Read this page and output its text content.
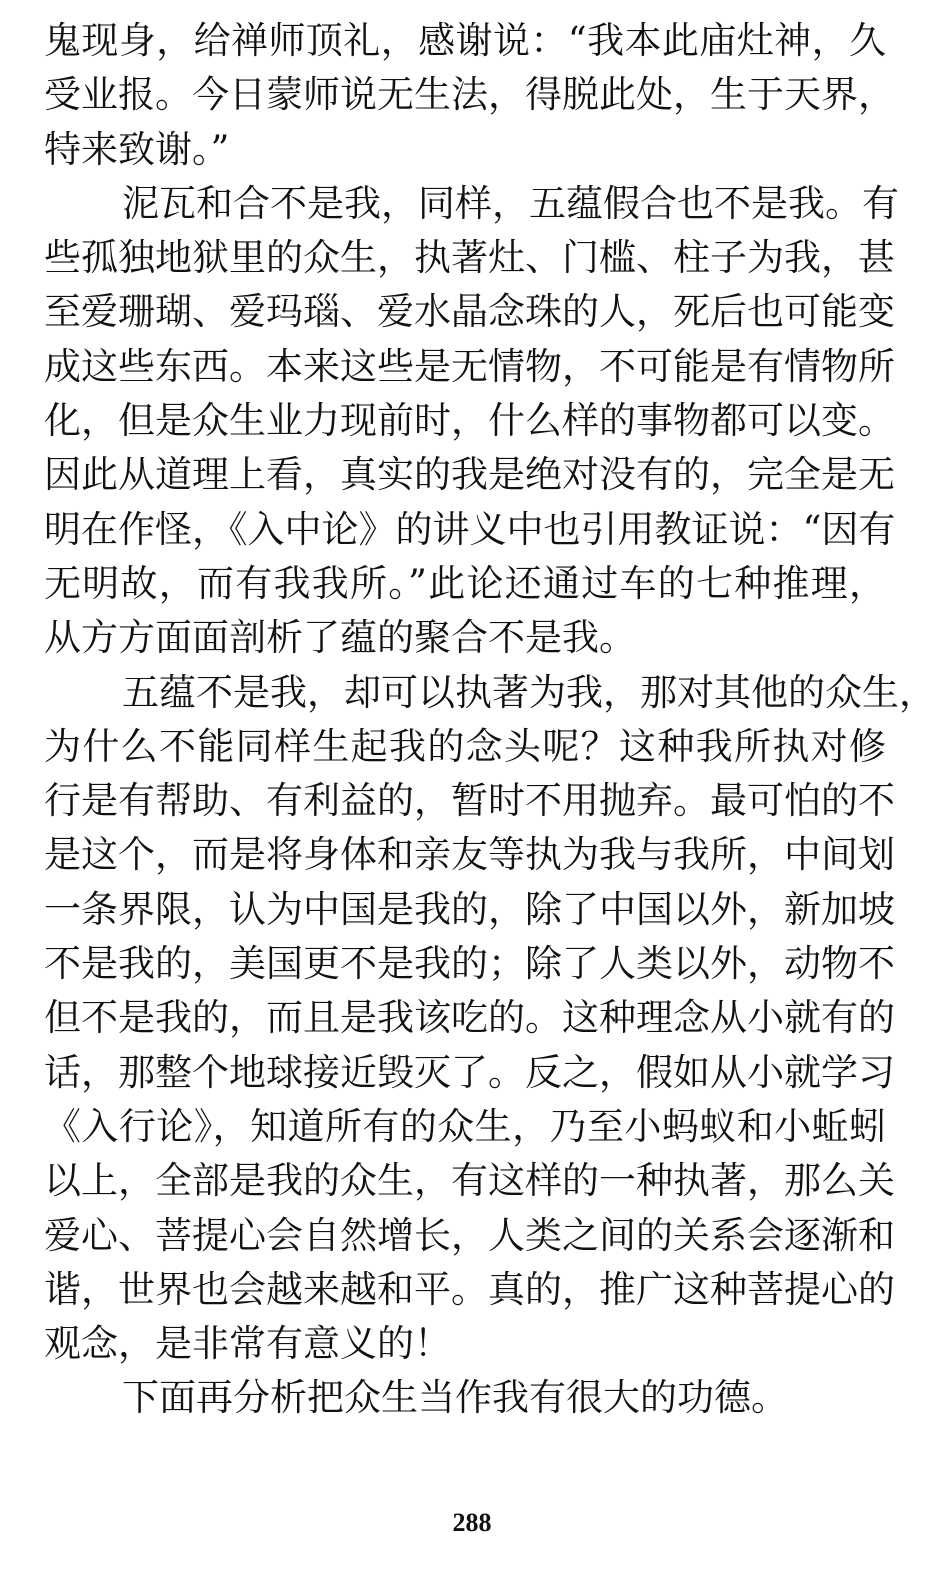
鬼现身，给禅师顶礼，感谢说：“我本此庙灶神，久
受业报。今日蒙师说无生法，得脱此处，生于天界，
特来致谢。”
泥瓦和合不是我，同样，五蕴假合也不是我。有
些孤独地狱里的众生，执著灶、门槛、柱子为我，甚
至爱珊瑚、爱玛瑙、爱水晶念珠的人，死后也可能变
成这些东西。本来这些是无情物，不可能是有情物所
化，但是众生业力现前时，什么样的事物都可以变。
因此从道理上看，真实的我是绝对没有的，完全是无
明在作怪，《入中论》的讲义中也引用教证说：“因有
无明故，而有我我所。”此论还通过车的七种推理，
从方方面面剖析了蕴的聚合不是我。
五蕴不是我，却可以执著为我，那对其他的众生，
为什么不能同样生起我的念头呢？这种我所执对修
行是有帮助、有利益的，暂时不用抛弃。最可怕的不
是这个，而是将身体和亲友等执为我与我所，中间划
一条界限，认为中国是我的，除了中国以外，新加坡
不是我的，美国更不是我的；除了人类以外，动物不
但不是我的，而且是我该吃的。这种理念从小就有的
话，那整个地球接近毁灭了。反之，假如从小就学习
《入行论》，知道所有的众生，乃至小蚂蚁和小蚯蚓
以上，全部是我的众生，有这样的一种执著，那么关
爱心、菩提心会自然增长，人类之间的关系会逐渐和
谐，世界也会越来越和平。真的，推广这种菩提心的
观念，是非常有意义的！
下面再分析把众生当作我有很大的功德。
288
